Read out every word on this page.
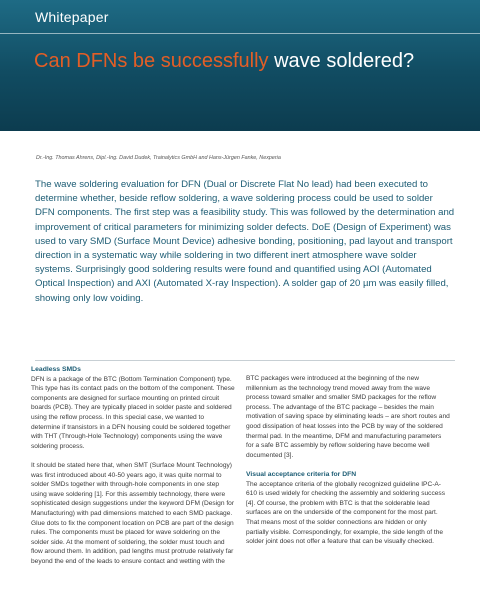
Whitepaper
Can DFNs be successfully wave soldered?
Dr.-Ing. Thomas Ahrens, Dipl.-Ing. David Dudek, Trainalytics GmbH and Hans-Jürgen Fanke, Nexperia

The wave soldering evaluation for DFN (Dual or Discrete Flat No lead) had been executed to determine whether, beside reflow soldering, a wave soldering process could be used to solder DFN components. The first step was a feasibility study. This was followed by the determination and improvement of critical parameters for minimizing solder defects. DoE (Design of Experiment) was used to vary SMD (Surface Mount Device) adhesive bonding, positioning, pad layout and transport direction in a systematic way while soldering in two different inert atmosphere wave solder systems. Surprisingly good soldering results were found and quantified using AOI (Automated Optical Inspection) and AXI (Automated X-ray Inspection). A solder gap of 20 µm was easily filled, showing only low voiding.

Leadless SMDs

DFN is a package of the BTC (Bottom Termination Component) type. This type has its contact pads on the bottom of the component. These components are designed for surface mounting on printed circuit boards (PCB). They are typically placed in solder paste and soldered using the reflow process. In this special case, we wanted to determine if transistors in a DFN housing could be soldered together with THT (Through-Hole Technology) components using the wave soldering process.

It should be stated here that, when SMT (Surface Mount Technology) was first introduced about 40-50 years ago, it was quite normal to solder SMDs together with through-hole components in one step using wave soldering [1]. For this assembly technology, there were sophisticated design suggestions under the keyword DFM (Design for Manufacturing) with pad dimensions matched to each SMD package. Glue dots to fix the component location on PCB are part of the design rules. The components must be placed for wave soldering on the solder side. At the moment of soldering, the solder must touch and flow around them. In addition, pad lengths must protrude relatively far beyond the end of the leads to ensure contact and wetting with the

BTC packages were introduced at the beginning of the new millennium as the technology trend moved away from the wave process toward smaller and smaller SMD packages for the reflow process. The advantage of the BTC package – besides the main motivation of saving space by eliminating leads – are short routes and good dissipation of heat losses into the PCB by way of the soldered thermal pad. In the meantime, DFM and manufacturing parameters for a safe BTC assembly by reflow soldering have become well documented [3].

Visual acceptance criteria for DFN

The acceptance criteria of the globally recognized guideline IPC-A-610 is used widely for checking the assembly and soldering success [4]. Of course, the problem with BTC is that the solderable lead surfaces are on the underside of the component for the most part. That means most of the solder connections are hidden or only partially visible. Correspondingly, for example, the side length of the solder joint does not offer a feature that can be visually checked.
